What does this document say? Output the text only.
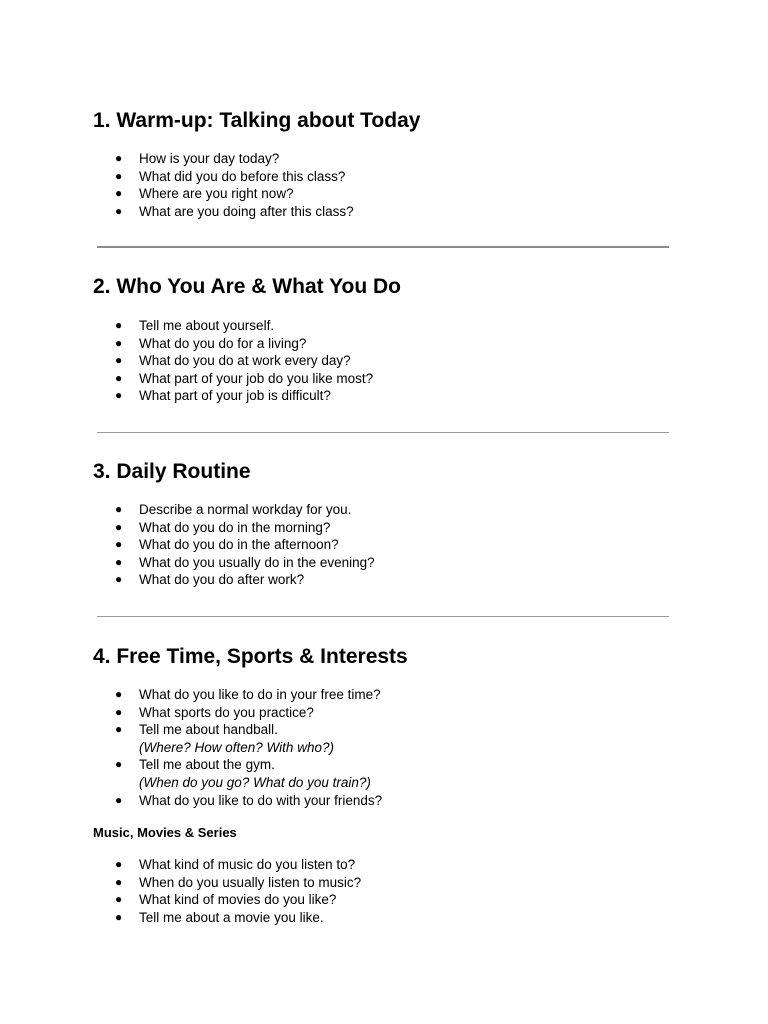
1. Warm-up: Talking about Today
● How is your day today?
● What did you do before this class?
● Where are you right now?
● What are you doing after this class?
2. Who You Are & What You Do
● Tell me about yourself.
● What do you do for a living?
● What do you do at work every day?
● What part of your job do you like most?
● What part of your job is difficult?
3. Daily Routine
● Describe a normal workday for you.
● What do you do in the morning?
● What do you do in the afternoon?
● What do you usually do in the evening?
● What do you do after work?
4. Free Time, Sports & Interests
● What do you like to do in your free time?
● What sports do you practice?
● Tell me about handball.
(Where? How often? With who?)
● Tell me about the gym.
(When do you go? What do you train?)
● What do you like to do with your friends?
Music, Movies & Series
● What kind of music do you listen to?
● When do you usually listen to music?
● What kind of movies do you like?
● Tell me about a movie you like.
